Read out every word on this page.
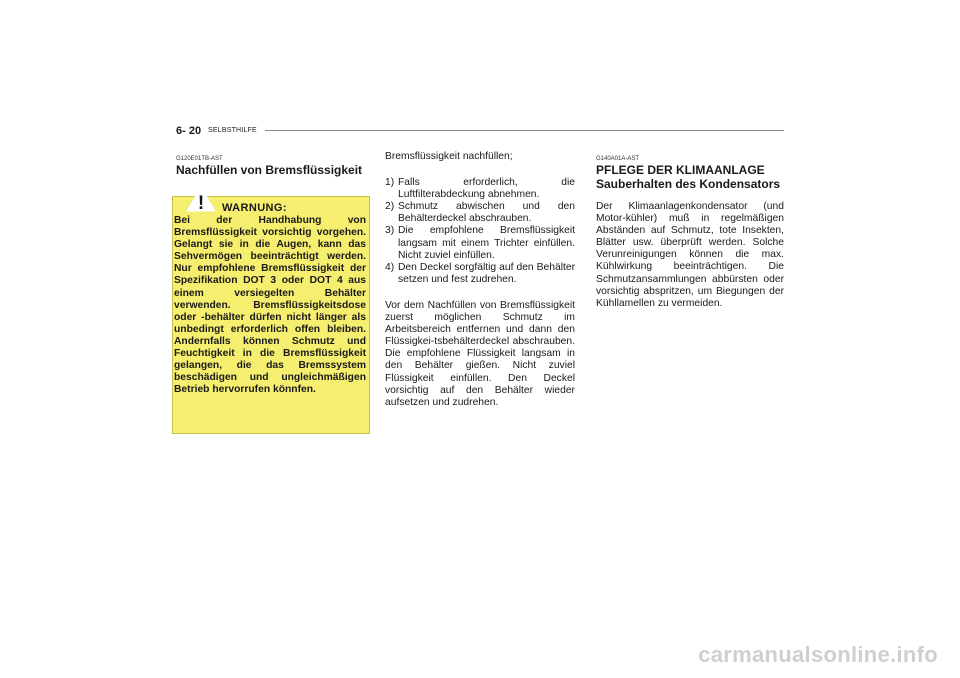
6- 20 SELBSTHILFE
G120E01TB-AST
Nachfüllen von Bremsflüssigkeit
! WARNUNG:

Bei der Handhabung von Bremsflüssigkeit vorsichtig vorgehen. Gelangt sie in die Augen, kann das Sehvermögen beeinträchtigt werden. Nur empfohlene Bremsflüssigkeit der Spezifikation DOT 3 oder DOT 4 aus einem versiegelten Behälter verwenden. Bremsflüssigkeitsdose oder -behälter dürfen nicht länger als unbedingt erforderlich offen bleiben. Andernfalls können Schmutz und Feuchtigkeit in die Bremsflüssigkeit gelangen, die das Bremssystem beschädigen und ungleichmäßigen Betrieb hervorrufen könnfen.

Bremsflüssigkeit nachfüllen;

1) Falls erforderlich, die Luftfilterabdeckung abnehmen.
2) Schmutz abwischen und den Behälterdeckel abschrauben.
3) Die empfohlene Bremsflüssigkeit langsam mit einem Trichter einfüllen. Nicht zuviel einfüllen.
4) Den Deckel sorgfältig auf den Behälter setzen und fest zudrehen.

Vor dem Nachfüllen von Bremsflüssigkeit zuerst möglichen Schmutz im Arbeitsbereich entfernen und dann den Flüssigkei-tsbehälterdeckel abschrauben. Die empfohlene Flüssigkeit langsam in den Behälter gießen. Nicht zuviel Flüssigkeit einfüllen. Den Deckel vorsichtig auf den Behälter wieder aufsetzen und zudrehen.

G140A01A-AST
PFLEGE DER KLIMAANLAGE
Sauberhalten des Kondensators
Der Klimaanlagenkondensator (und Motor-kühler) muß in regelmäßigen Abständen auf Schmutz, tote Insekten, Blätter usw. überprüft werden. Solche Verunreinigungen können die max. Kühlwirkung beeinträchtigen. Die Schmutzansammlungen abbürsten oder vorsichtig abspritzen, um Biegungen der Kühllamellen zu vermeiden.
carmanualsonline.info
